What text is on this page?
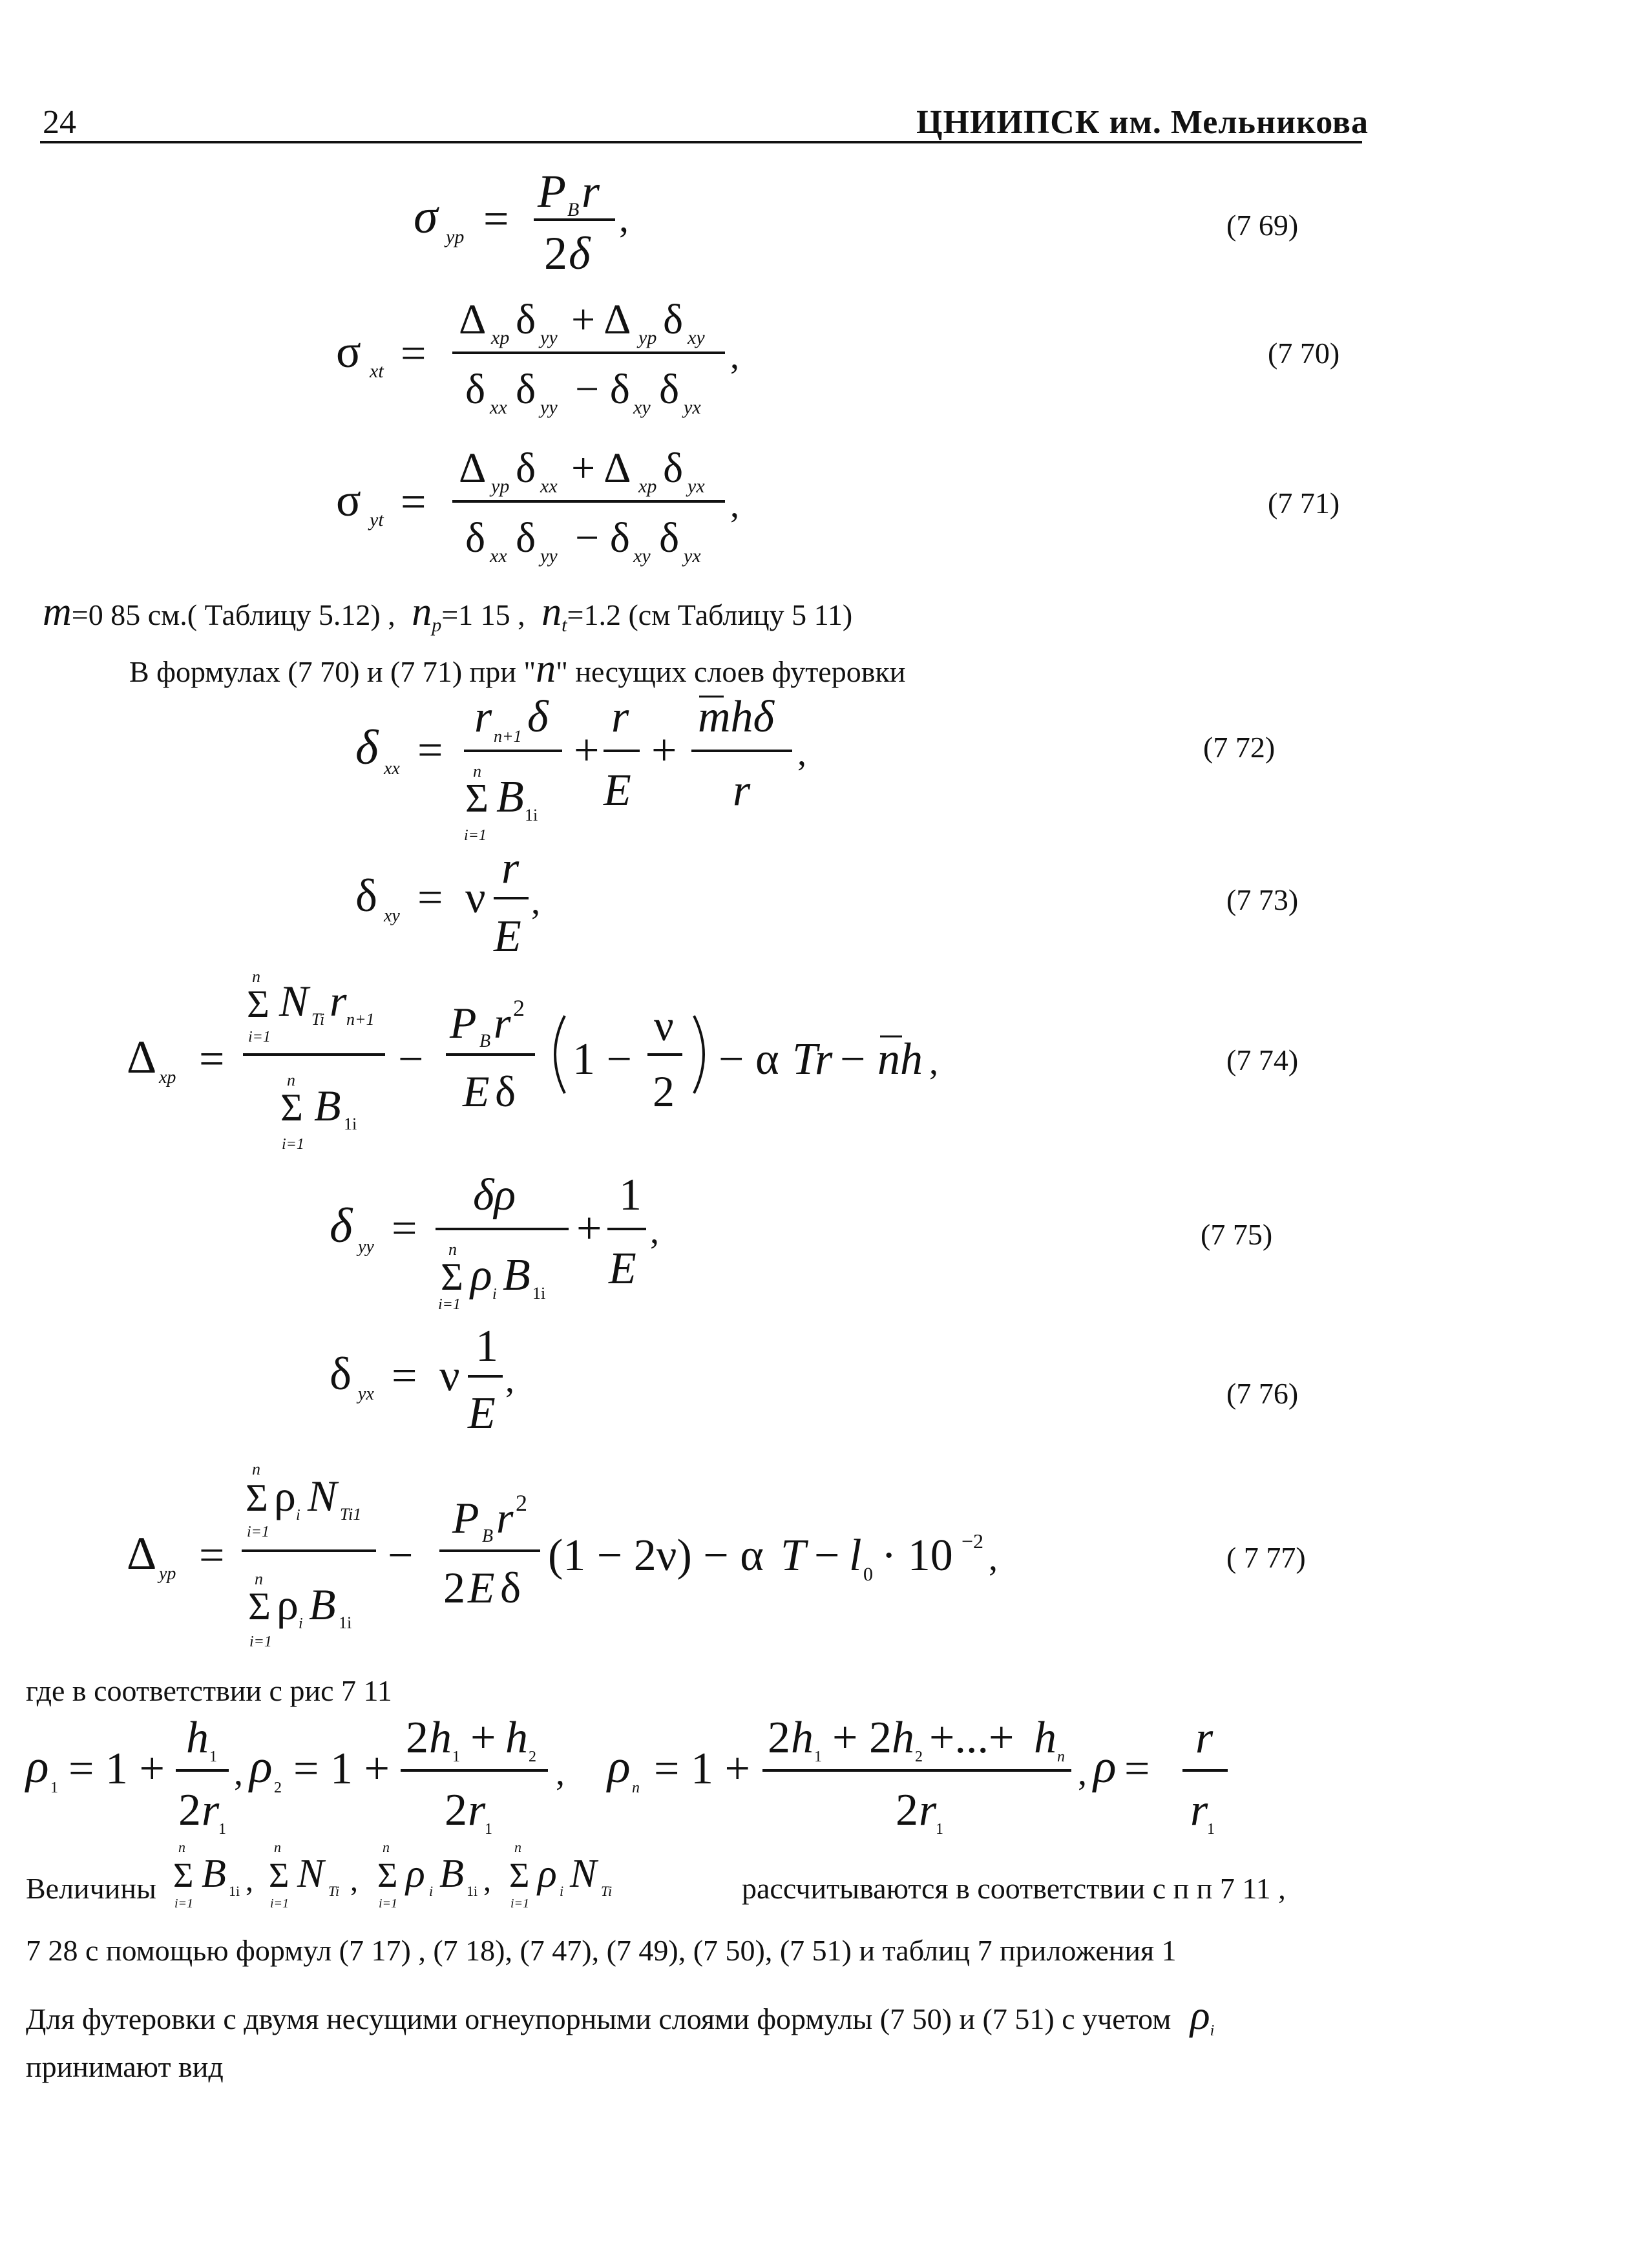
24	ЦНИИПСК им. Мельникова
σ yp =
P B r
2 δ
,	(7 69)
σ xt =
Δ xp δ yy + Δ yp δ xy
δ xx δ yy − δ xy δ yx
,	(7 70)
σ yt =
Δ yp δ xx + Δ xp δ yx
δ xx δ yy − δ xy δ yx
,	(7 71)
m=0 85 см.( Таблицу 5.12) , $n_p=1$ 15 , $n_t=1.2$ (см Таблицу 5 11)
В формулах (7 70) и (7 71) при "n" несущих слоев футеровки
δ xx =
r n+1 δ
n
Σ B 1i
i=1
+
r
E
+
mhδ
r
,	(7 72)
δ xy = ν
r
E
,	(7 73)
Δ xp =
n
Σ N Ti r n+1
i=1
n
Σ B 1i
i=1
−
P B r 2
E δ
1 −
ν
2
− α Tr − nh ,	(7 74)
δ yy =
δρ
n
Σ ρ i B 1i
i=1
+
1
E
,	(7 75)
δ yx = ν
1
E
,	(7 76)
Δ yp =
n
Σ ρ i N Ti1
i=1
n
Σ ρ i B 1i
i=1
−
P B r 2
2 E δ
(1 − 2ν) − α T − l 0 · 10 −2 ,	( 7 77)
где в соответствии с рис 7 11
ρ 1 = 1 +
h 1
2 r
1
, ρ 2 = 1 +
2 h 1 + h 2
2 r
1
, ρ n = 1 +
2 h 1 + 2 h 2 +...+ h n
2 r
1
, ρ =
r
r
1
Величины
n
Σ B 1i
i=1
,
n
Σ N Ti
i=1
,
n
Σ ρ i B 1i
i=1
,
n
Σ ρ i N Ti
i=1	рассчитываются в соответствии с п п 7 11 ,
7 28 с помощью формул (7 17) , (7 18), (7 47), (7 49), (7 50), (7 51) и таблиц 7 приложения 1
Для футеровки с двумя несущими огнеупорными слоями формулы (7 50) и (7 51) с учетом $\rho_i$
принимают вид
